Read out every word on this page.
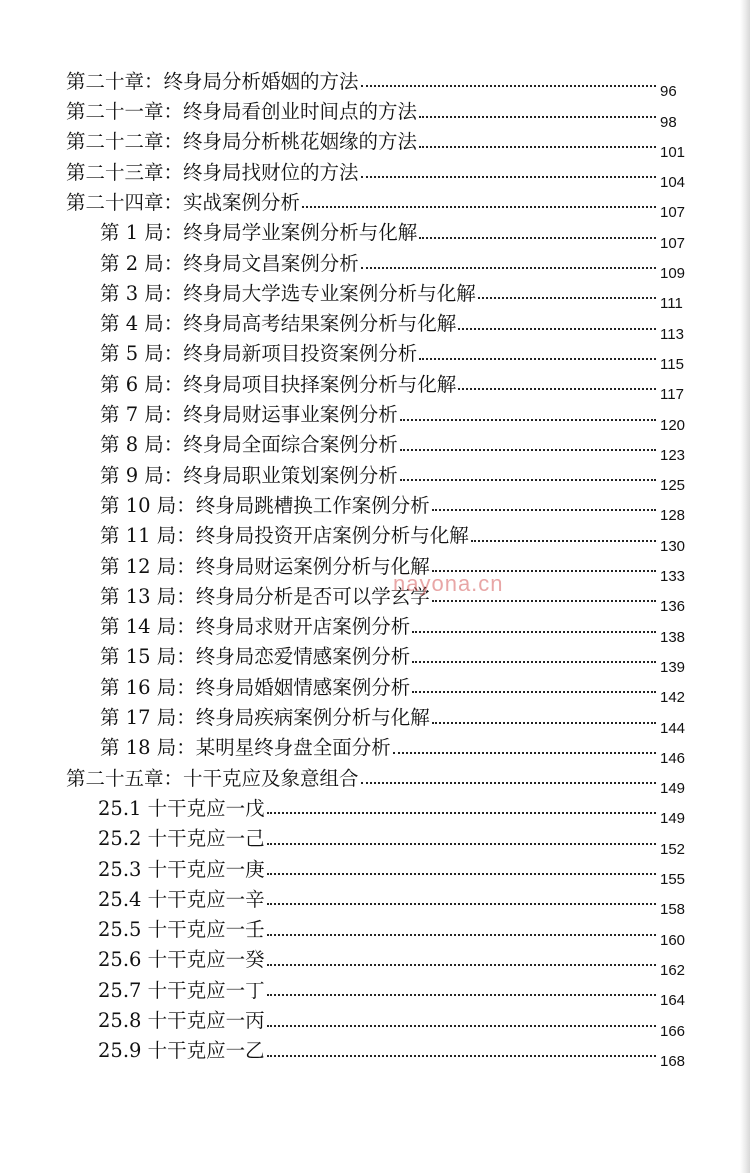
第二十章：终身局分析婚姻的方法	96
第二十一章：终身局看创业时间点的方法	98
第二十二章：终身局分析桃花姻缘的方法	101
第二十三章：终身局找财位的方法	104
第二十四章：实战案例分析	107
第 1 局：终身局学业案例分析与化解	107
第 2 局：终身局文昌案例分析	109
第 3 局：终身局大学选专业案例分析与化解	111
第 4 局：终身局高考结果案例分析与化解	113
第 5 局：终身局新项目投资案例分析	115
第 6 局：终身局项目抉择案例分析与化解	117
第 7 局：终身局财运事业案例分析	120
第 8 局：终身局全面综合案例分析	123
第 9 局：终身局职业策划案例分析	125
第 10 局：终身局跳槽换工作案例分析	128
第 11 局：终身局投资开店案例分析与化解	130
第 12 局：终身局财运案例分析与化解	133
第 13 局：终身局分析是否可以学玄学	136
第 14 局：终身局求财开店案例分析	138
第 15 局：终身局恋爱情感案例分析	139
第 16 局：终身局婚姻情感案例分析	142
第 17 局：终身局疾病案例分析与化解	144
第 18 局：某明星终身盘全面分析	146
第二十五章：十干克应及象意组合	149
25.1 十干克应一戊	149
25.2 十干克应一己	152
25.3 十干克应一庚	155
25.4 十干克应一辛	158
25.5 十干克应一壬	160
25.6 十干克应一癸	162
25.7 十干克应一丁	164
25.8 十干克应一丙	166
25.9 十干克应一乙	168
nayona.cn
